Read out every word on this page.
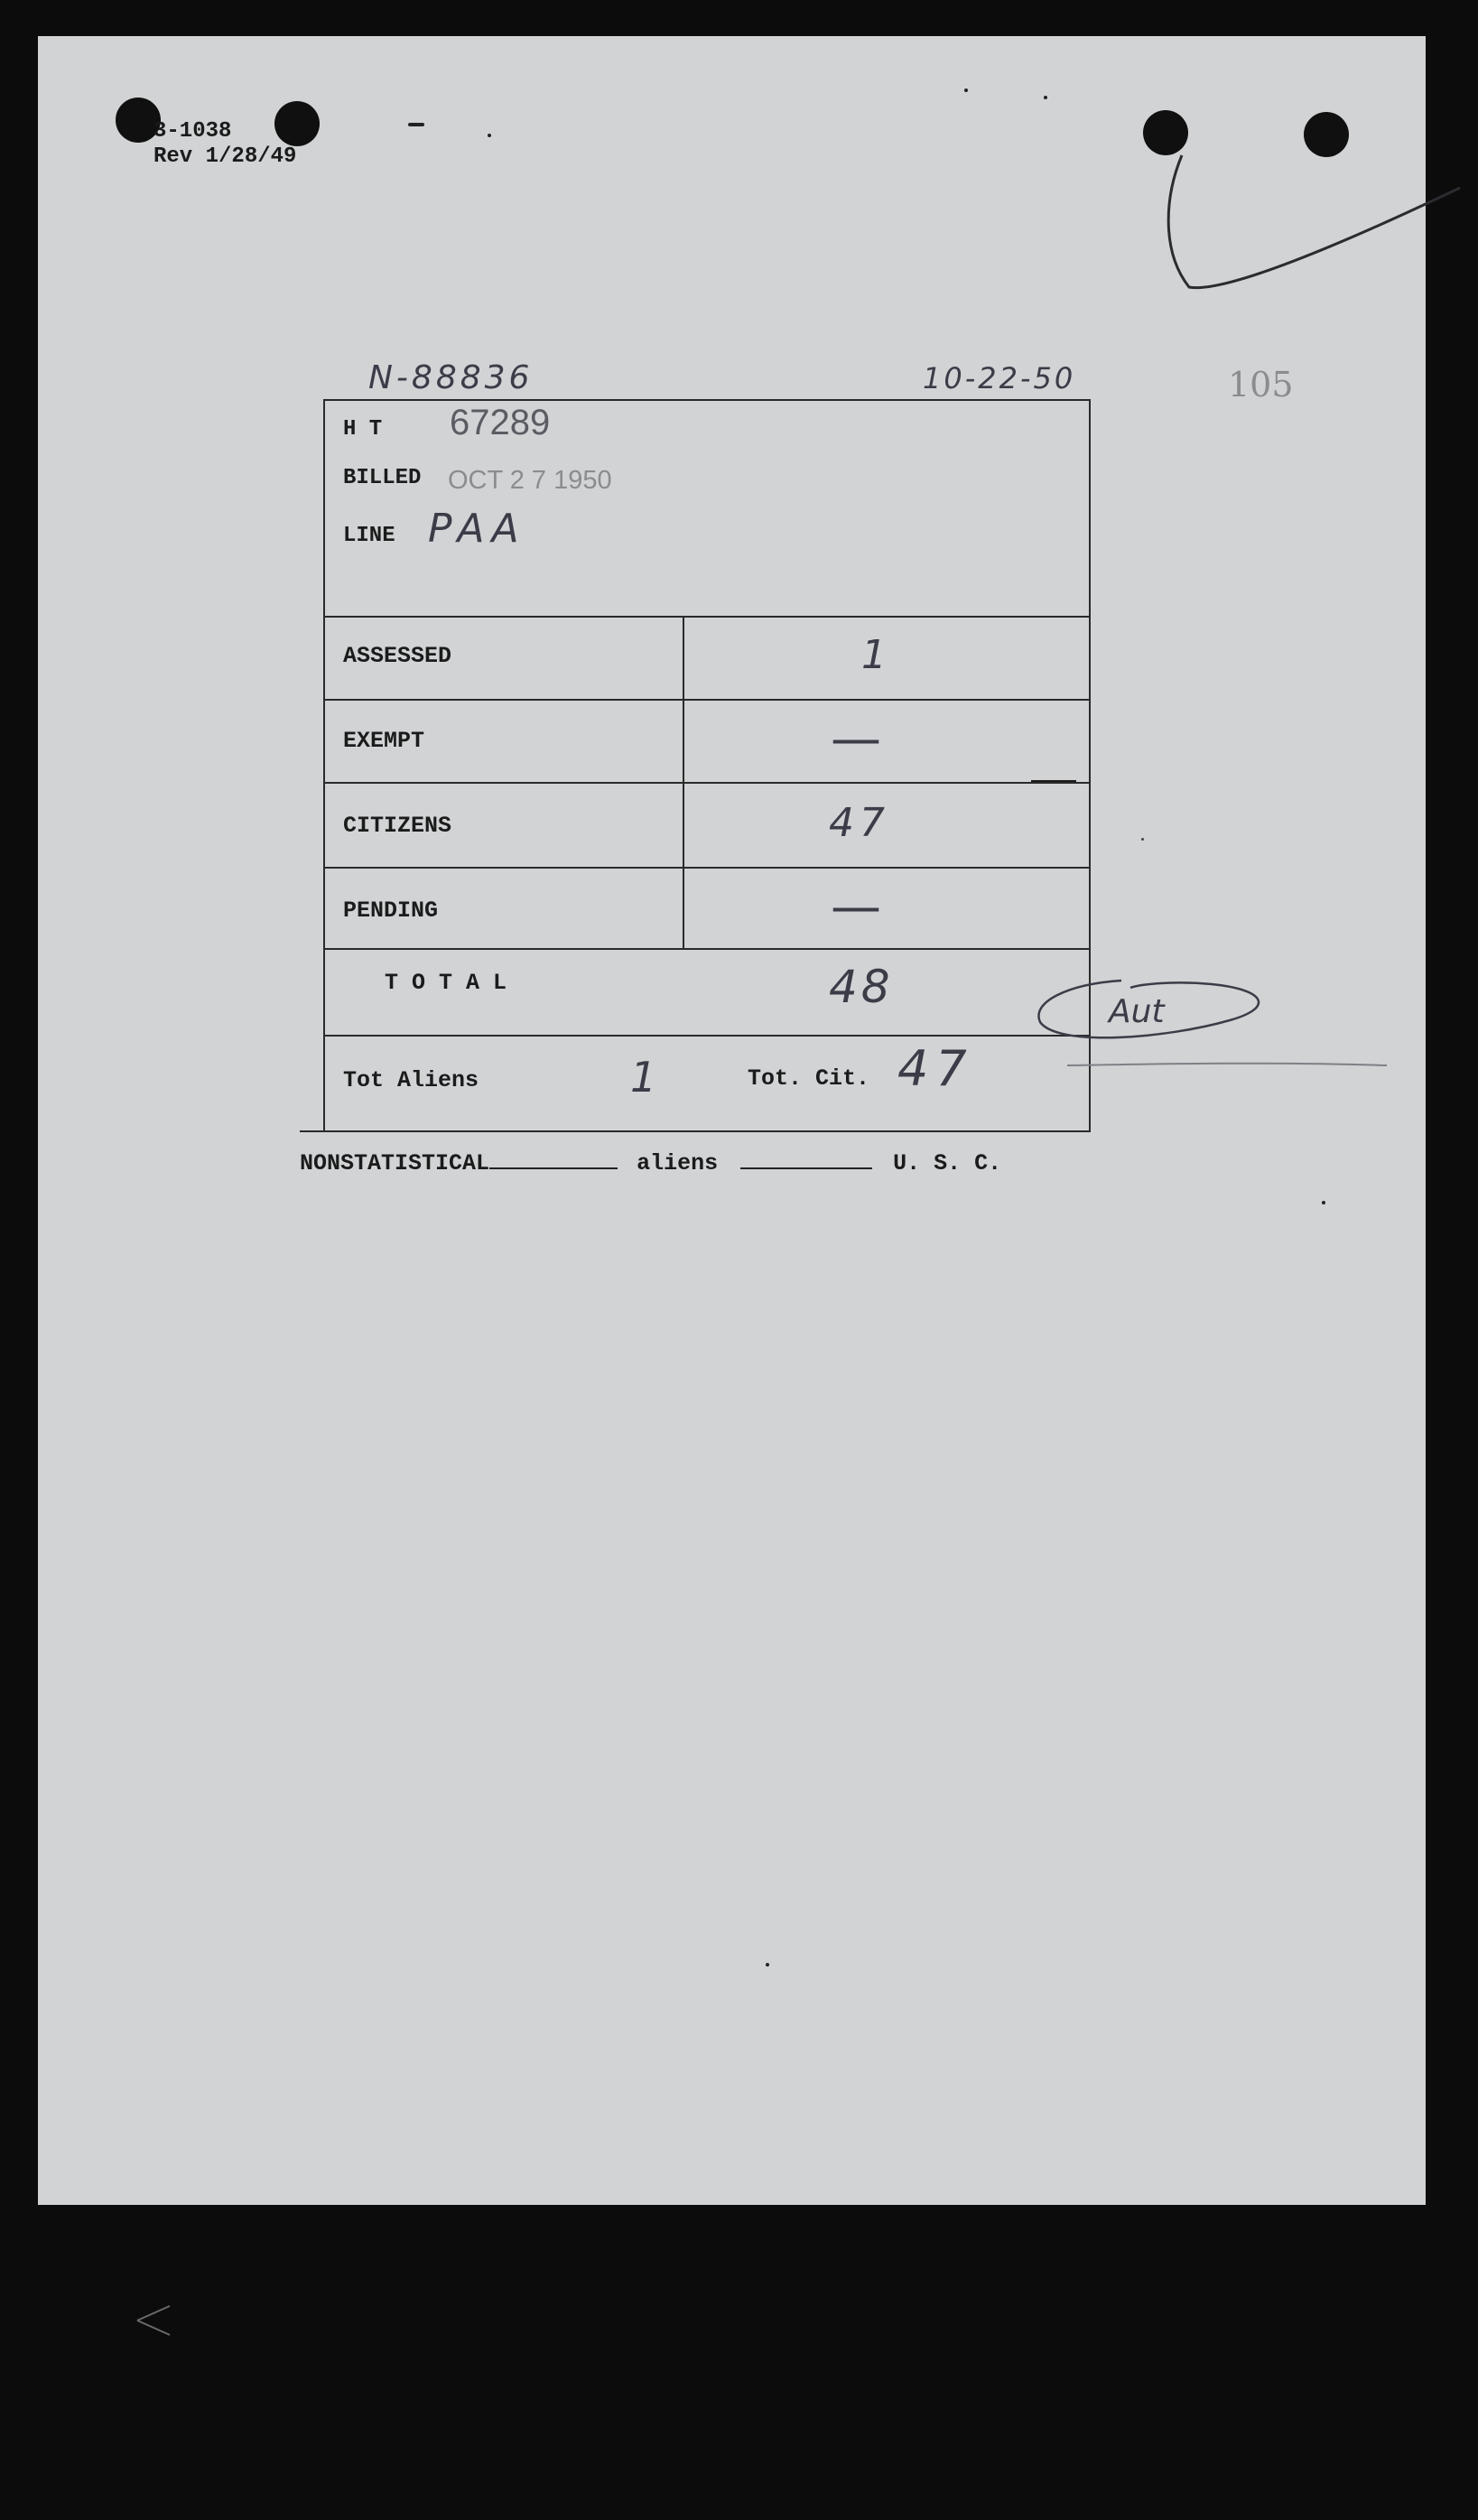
3-1038
Rev 1/28/49
N-88836	10-22-50	105
H T 67289
BILLED OCT 2 7 1950
LINE PAA
ASSESSED	1
EXEMPT	—
CITIZENS	47
PENDING	—
T O T A L	48
Tot Aliens	1	Tot. Cit. 47
Aut
NONSTATISTICAL	aliens	U. S. C.
